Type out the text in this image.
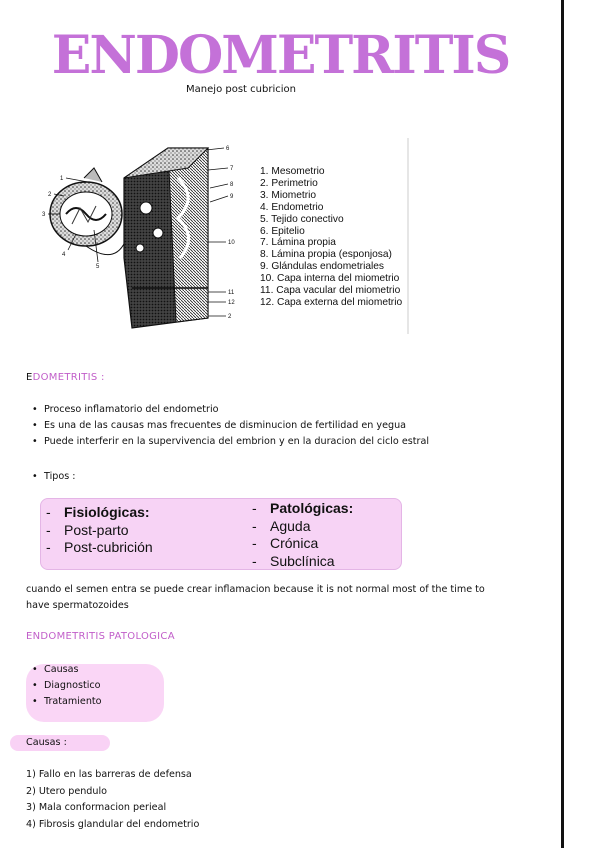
ENDOMETRITIS
Manejo post cubricion
1
2
3
4
5
6
7
8
9
10
11
12
2
1. Mesometrio
2. Perimetrio
3. Miometrio
4. Endometrio
5. Tejido conectivo
6. Epitelio
7. Lámina propia
8. Lámina propia (esponjosa)
9. Glándulas endometriales
10. Capa interna del miometrio
11. Capa vacular del miometrio
12. Capa externa del miometrio
EDOMETRITIS :
• Proceso inflamatorio del endometrio
• Es una de las causas mas frecuentes de disminucion de fertilidad en yegua
• Puede interferir en la supervivencia del embrion y en la duracion del ciclo estral
• Tipos :
- Fisiológicas:
- Post-parto
- Post-cubrición
- Patológicas:
- Aguda
- Crónica
- Subclínica
cuando el semen entra se puede crear inflamacion because it is not normal most of the time to have spermatozoides
ENDOMETRITIS PATOLOGICA
• Causas
• Diagnostico
• Tratamiento
Causas :
1) Fallo en las barreras de defensa
2) Utero pendulo
3) Mala conformacion perieal
4) Fibrosis glandular del endometrio
